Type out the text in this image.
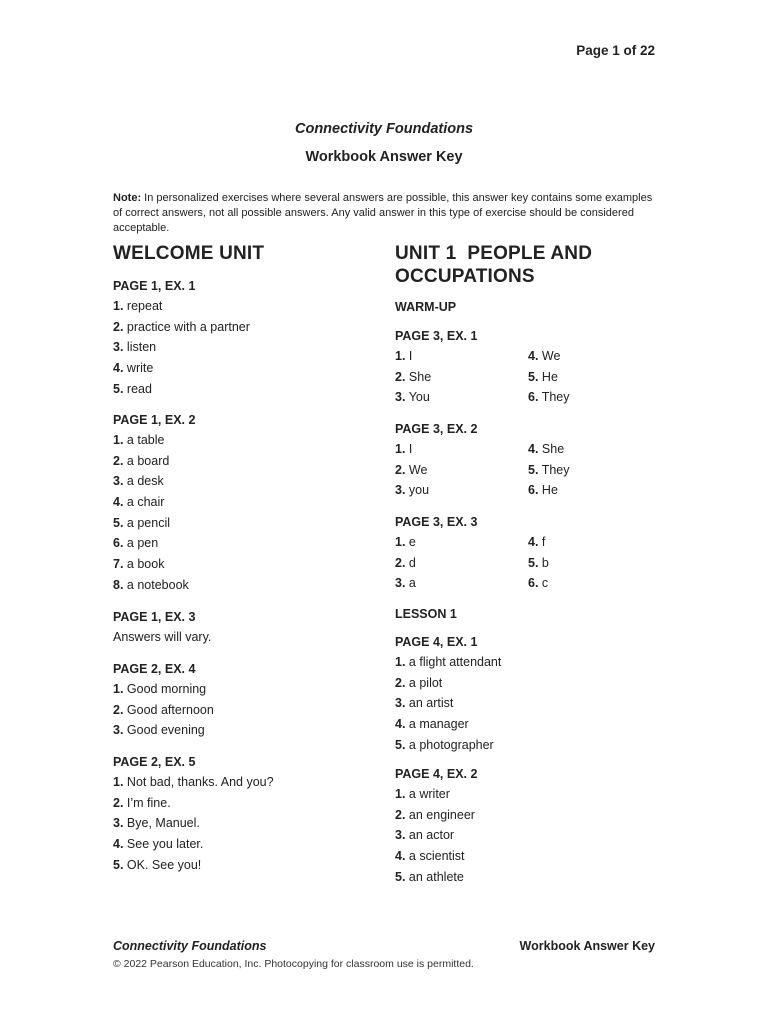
Page 1 of 22
Connectivity Foundations
Workbook Answer Key
Note: In personalized exercises where several answers are possible, this answer key contains some examples of correct answers, not all possible answers. Any valid answer in this type of exercise should be considered acceptable.
WELCOME UNIT
PAGE 1, EX. 1
1. repeat
2. practice with a partner
3. listen
4. write
5. read
PAGE 1, EX. 2
1. a table
2. a board
3. a desk
4. a chair
5. a pencil
6. a pen
7. a book
8. a notebook
PAGE 1, EX. 3
Answers will vary.
PAGE 2, EX. 4
1. Good morning
2. Good afternoon
3. Good evening
PAGE 2, EX. 5
1. Not bad, thanks. And you?
2. I’m fine.
3. Bye, Manuel.
4. See you later.
5. OK. See you!
UNIT 1  PEOPLE AND
OCCUPATIONS
WARM-UP
PAGE 3, EX. 1
1. I
2. She
3. You
4. We
5. He
6. They
PAGE 3, EX. 2
1. I
2. We
3. you
4. She
5. They
6. He
PAGE 3, EX. 3
1. e
2. d
3. a
4. f
5. b
6. c
LESSON 1
PAGE 4, EX. 1
1. a flight attendant
2. a pilot
3. an artist
4. a manager
5. a photographer
PAGE 4, EX. 2
1. a writer
2. an engineer
3. an actor
4. a scientist
5. an athlete
Connectivity Foundations	Workbook Answer Key
© 2022 Pearson Education, Inc. Photocopying for classroom use is permitted.
